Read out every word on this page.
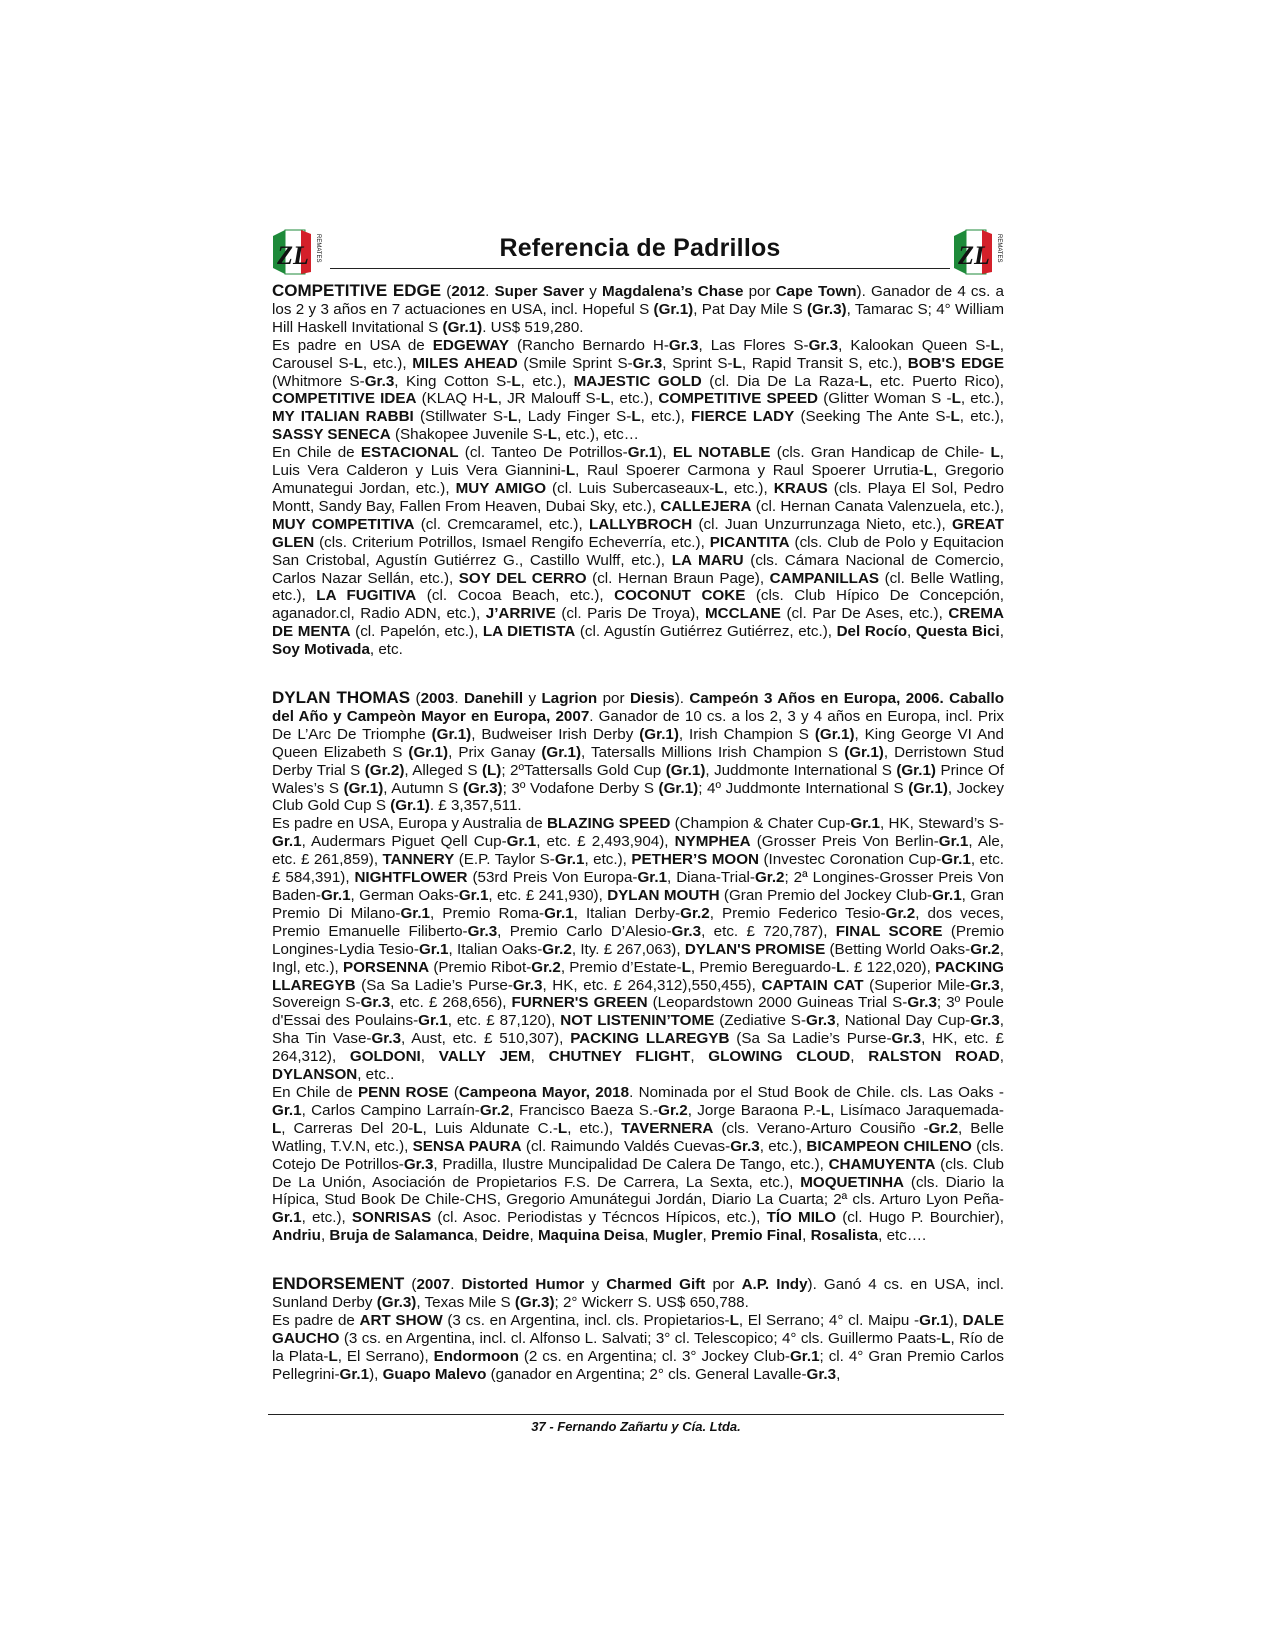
ZL REMATES	Referencia de Padrillos	ZL REMATES

COMPETITIVE EDGE (2012. Super Saver y Magdalena’s Chase por Cape Town). Ganador de 4 cs. a los 2 y 3 años en 7 actuaciones en USA, incl. Hopeful S (Gr.1), Pat Day Mile S (Gr.3), Tamarac S; 4° William Hill Haskell Invitational S (Gr.1). US$ 519,280.

Es padre en USA de EDGEWAY (Rancho Bernardo H-Gr.3, Las Flores S-Gr.3, Kalookan Queen S-L, Carousel S-L, etc.), MILES AHEAD (Smile Sprint S-Gr.3, Sprint S-L, Rapid Transit S, etc.), BOB'S EDGE (Whitmore S-Gr.3, King Cotton S-L, etc.), MAJESTIC GOLD (cl. Dia De La Raza-L, etc. Puerto Rico), COMPETITIVE IDEA (KLAQ H-L, JR Malouff S-L, etc.), COMPETITIVE SPEED (Glitter Woman S -L, etc.), MY ITALIAN RABBI (Stillwater S-L, Lady Finger S-L, etc.), FIERCE LADY (Seeking The Ante S-L, etc.), SASSY SENECA (Shakopee Juvenile S-L, etc.), etc…

En Chile de ESTACIONAL (cl. Tanteo De Potrillos-Gr.1), EL NOTABLE (cls. Gran Handicap de Chile- L, Luis Vera Calderon y Luis Vera Giannini-L, Raul Spoerer Carmona y Raul Spoerer Urrutia-L, Gregorio Amunategui Jordan, etc.), MUY AMIGO (cl. Luis Subercaseaux-L, etc.), KRAUS (cls. Playa El Sol, Pedro Montt, Sandy Bay, Fallen From Heaven, Dubai Sky, etc.), CALLEJERA (cl. Hernan Canata Valenzuela, etc.), MUY COMPETITIVA (cl. Cremcaramel, etc.), LALLYBROCH (cl. Juan Unzurrunzaga Nieto, etc.), GREAT GLEN (cls. Criterium Potrillos, Ismael Rengifo Echeverría, etc.), PICANTITA (cls. Club de Polo y Equitacion San Cristobal, Agustín Gutiérrez G., Castillo Wulff, etc.), LA MARU (cls. Cámara Nacional de Comercio, Carlos Nazar Sellán, etc.), SOY DEL CERRO (cl. Hernan Braun Page), CAMPANILLAS (cl. Belle Watling, etc.), LA FUGITIVA (cl. Cocoa Beach, etc.), COCONUT COKE (cls. Club Hípico De Concepción, aganador.cl, Radio ADN, etc.), J’ARRIVE (cl. Paris De Troya), MCCLANE (cl. Par De Ases, etc.), CREMA DE MENTA (cl. Papelón, etc.), LA DIETISTA (cl. Agustín Gutiérrez Gutiérrez, etc.), Del Rocío, Questa Bici, Soy Motivada, etc.

DYLAN THOMAS (2003. Danehill y Lagrion por Diesis). Campeón 3 Años en Europa, 2006. Caballo del Año y Campeòn Mayor en Europa, 2007. Ganador de 10 cs. a los 2, 3 y 4 años en Europa, incl. Prix De L’Arc De Triomphe (Gr.1), Budweiser Irish Derby (Gr.1), Irish Champion S (Gr.1), King George VI And Queen Elizabeth S (Gr.1), Prix Ganay (Gr.1), Tatersalls Millions Irish Champion S (Gr.1), Derristown Stud Derby Trial S (Gr.2), Alleged S (L); 2ºTattersalls Gold Cup (Gr.1), Juddmonte International S (Gr.1) Prince Of Wales’s S (Gr.1), Autumn S (Gr.3); 3º Vodafone Derby S (Gr.1); 4º Juddmonte International S (Gr.1), Jockey Club Gold Cup S (Gr.1). £ 3,357,511.

Es padre en USA, Europa y Australia de BLAZING SPEED (Champion & Chater Cup-Gr.1, HK, Steward’s S-Gr.1, Audermars Piguet Qell Cup-Gr.1, etc. £ 2,493,904), NYMPHEA (Grosser Preis Von Berlin-Gr.1, Ale, etc. £ 261,859), TANNERY (E.P. Taylor S-Gr.1, etc.), PETHER’S MOON (Investec Coronation Cup-Gr.1, etc. £ 584,391), NIGHTFLOWER (53rd Preis Von Europa-Gr.1, Diana-Trial-Gr.2; 2ª Longines-Grosser Preis Von Baden-Gr.1, German Oaks-Gr.1, etc. £ 241,930), DYLAN MOUTH (Gran Premio del Jockey Club-Gr.1, Gran Premio Di Milano-Gr.1, Premio Roma-Gr.1, Italian Derby-Gr.2, Premio Federico Tesio-Gr.2, dos veces, Premio Emanuelle Filiberto-Gr.3, Premio Carlo D’Alesio-Gr.3, etc. £ 720,787), FINAL SCORE (Premio Longines-Lydia Tesio-Gr.1, Italian Oaks-Gr.2, Ity. £ 267,063), DYLAN'S PROMISE (Betting World Oaks-Gr.2, Ingl, etc.), PORSENNA (Premio Ribot-Gr.2, Premio d’Estate-L, Premio Bereguardo-L. £ 122,020), PACKING LLAREGYB (Sa Sa Ladie’s Purse-Gr.3, HK, etc. £ 264,312),550,455), CAPTAIN CAT (Superior Mile-Gr.3, Sovereign S-Gr.3, etc. £ 268,656), FURNER'S GREEN (Leopardstown 2000 Guineas Trial S-Gr.3; 3º Poule d'Essai des Poulains-Gr.1, etc. £ 87,120), NOT LISTENIN’TOME (Zediative S-Gr.3, National Day Cup-Gr.3, Sha Tin Vase-Gr.3, Aust, etc. £ 510,307), PACKING LLAREGYB (Sa Sa Ladie’s Purse-Gr.3, HK, etc. £ 264,312), GOLDONI, VALLY JEM, CHUTNEY FLIGHT, GLOWING CLOUD, RALSTON ROAD, DYLANSON, etc..

En Chile de PENN ROSE (Campeona Mayor, 2018. Nominada por el Stud Book de Chile. cls. Las Oaks -Gr.1, Carlos Campino Larraín-Gr.2, Francisco Baeza S.-Gr.2, Jorge Baraona P.-L, Lisímaco Jaraquemada-L, Carreras Del 20-L, Luis Aldunate C.-L, etc.), TAVERNERA (cls. Verano-Arturo Cousiño -Gr.2, Belle Watling, T.V.N, etc.), SENSA PAURA (cl. Raimundo Valdés Cuevas-Gr.3, etc.), BICAMPEON CHILENO (cls. Cotejo De Potrillos-Gr.3, Pradilla, Ilustre Muncipalidad De Calera De Tango, etc.), CHAMUYENTA (cls. Club De La Unión, Asociación de Propietarios F.S. De Carrera, La Sexta, etc.), MOQUETINHA (cls. Diario la Hípica, Stud Book De Chile-CHS, Gregorio Amunátegui Jordán, Diario La Cuarta; 2ª cls. Arturo Lyon Peña-Gr.1, etc.), SONRISAS (cl. Asoc. Periodistas y Técncos Hípicos, etc.), TÍO MILO (cl. Hugo P. Bourchier), Andriu, Bruja de Salamanca, Deidre, Maquina Deisa, Mugler, Premio Final, Rosalista, etc….

ENDORSEMENT (2007. Distorted Humor y Charmed Gift por A.P. Indy). Ganó 4 cs. en USA, incl. Sunland Derby (Gr.3), Texas Mile S (Gr.3); 2° Wickerr S. US$ 650,788.

Es padre de ART SHOW (3 cs. en Argentina, incl. cls. Propietarios-L, El Serrano; 4° cl. Maipu -Gr.1), DALE GAUCHO (3 cs. en Argentina, incl. cl. Alfonso L. Salvati; 3° cl. Telescopico; 4° cls. Guillermo Paats-L, Río de la Plata-L, El Serrano), Endormoon (2 cs. en Argentina; cl. 3° Jockey Club-Gr.1; cl. 4° Gran Premio Carlos Pellegrini-Gr.1), Guapo Malevo (ganador en Argentina; 2° cls. General Lavalle-Gr.3,

37 - Fernando Zañartu y Cía. Ltda.
